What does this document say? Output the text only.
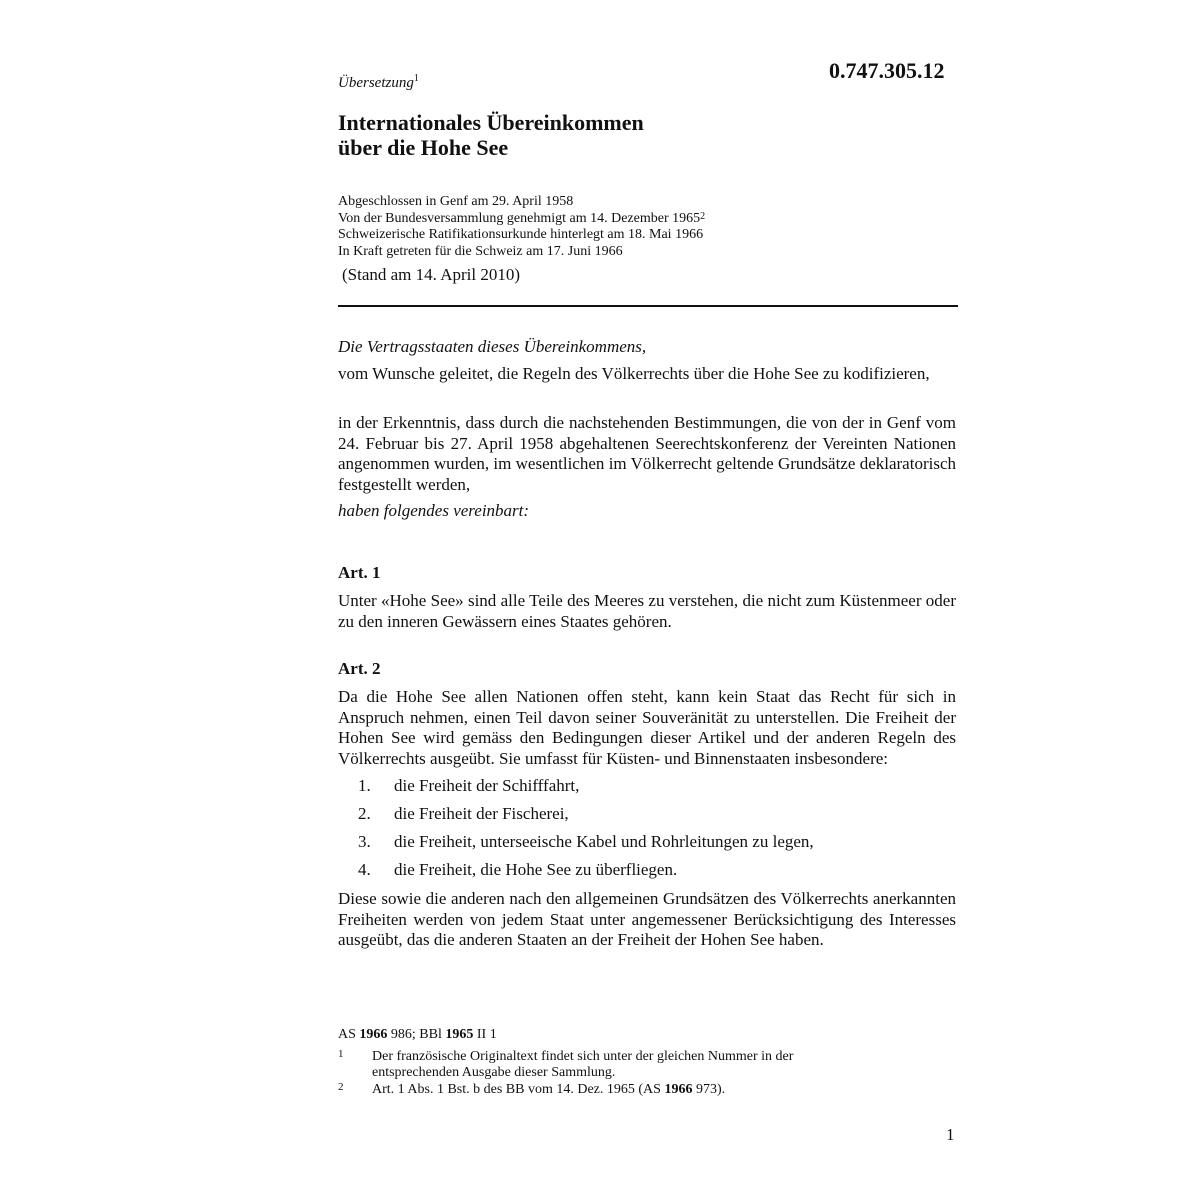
0.747.305.12
Übersetzung$^1$
Internationales Übereinkommen
über die Hohe See
Abgeschlossen in Genf am 29. April 1958
Von der Bundesversammlung genehmigt am 14. Dezember 1965$^2$
Schweizerische Ratifikationsurkunde hinterlegt am 18. Mai 1966
In Kraft getreten für die Schweiz am 17. Juni 1966
(Stand am 14. April 2010)

Die Vertragsstaaten dieses Übereinkommens,

vom Wunsche geleitet, die Regeln des Völkerrechts über die Hohe See zu kodifizieren,

in der Erkenntnis, dass durch die nachstehenden Bestimmungen, die von der in Genf vom 24. Februar bis 27. April 1958 abgehaltenen Seerechtskonferenz der Vereinten Nationen angenommen wurden, im wesentlichen im Völkerrecht geltende Grundsätze deklaratorisch festgestellt werden,

haben folgendes vereinbart:

Art. 1

Unter «Hohe See» sind alle Teile des Meeres zu verstehen, die nicht zum Küstenmeer oder zu den inneren Gewässern eines Staates gehören.

Art. 2

Da die Hohe See allen Nationen offen steht, kann kein Staat das Recht für sich in Anspruch nehmen, einen Teil davon seiner Souveränität zu unterstellen. Die Freiheit der Hohen See wird gemäss den Bedingungen dieser Artikel und der anderen Regeln des Völkerrechts ausgeübt. Sie umfasst für Küsten- und Binnenstaaten insbesondere:

1. die Freiheit der Schifffahrt,
2. die Freiheit der Fischerei,
3. die Freiheit, unterseeische Kabel und Rohrleitungen zu legen,
4. die Freiheit, die Hohe See zu überfliegen.

Diese sowie die anderen nach den allgemeinen Grundsätzen des Völkerrechts anerkannten Freiheiten werden von jedem Staat unter angemessener Berücksichtigung des Interesses ausgeübt, das die anderen Staaten an der Freiheit der Hohen See haben.

AS 1966 986; BBl 1965 II 1
1 Der französische Originaltext findet sich unter der gleichen Nummer in der
entsprechenden Ausgabe dieser Sammlung.
2 Art. 1 Abs. 1 Bst. b des BB vom 14. Dez. 1965 (AS 1966 973).
1
